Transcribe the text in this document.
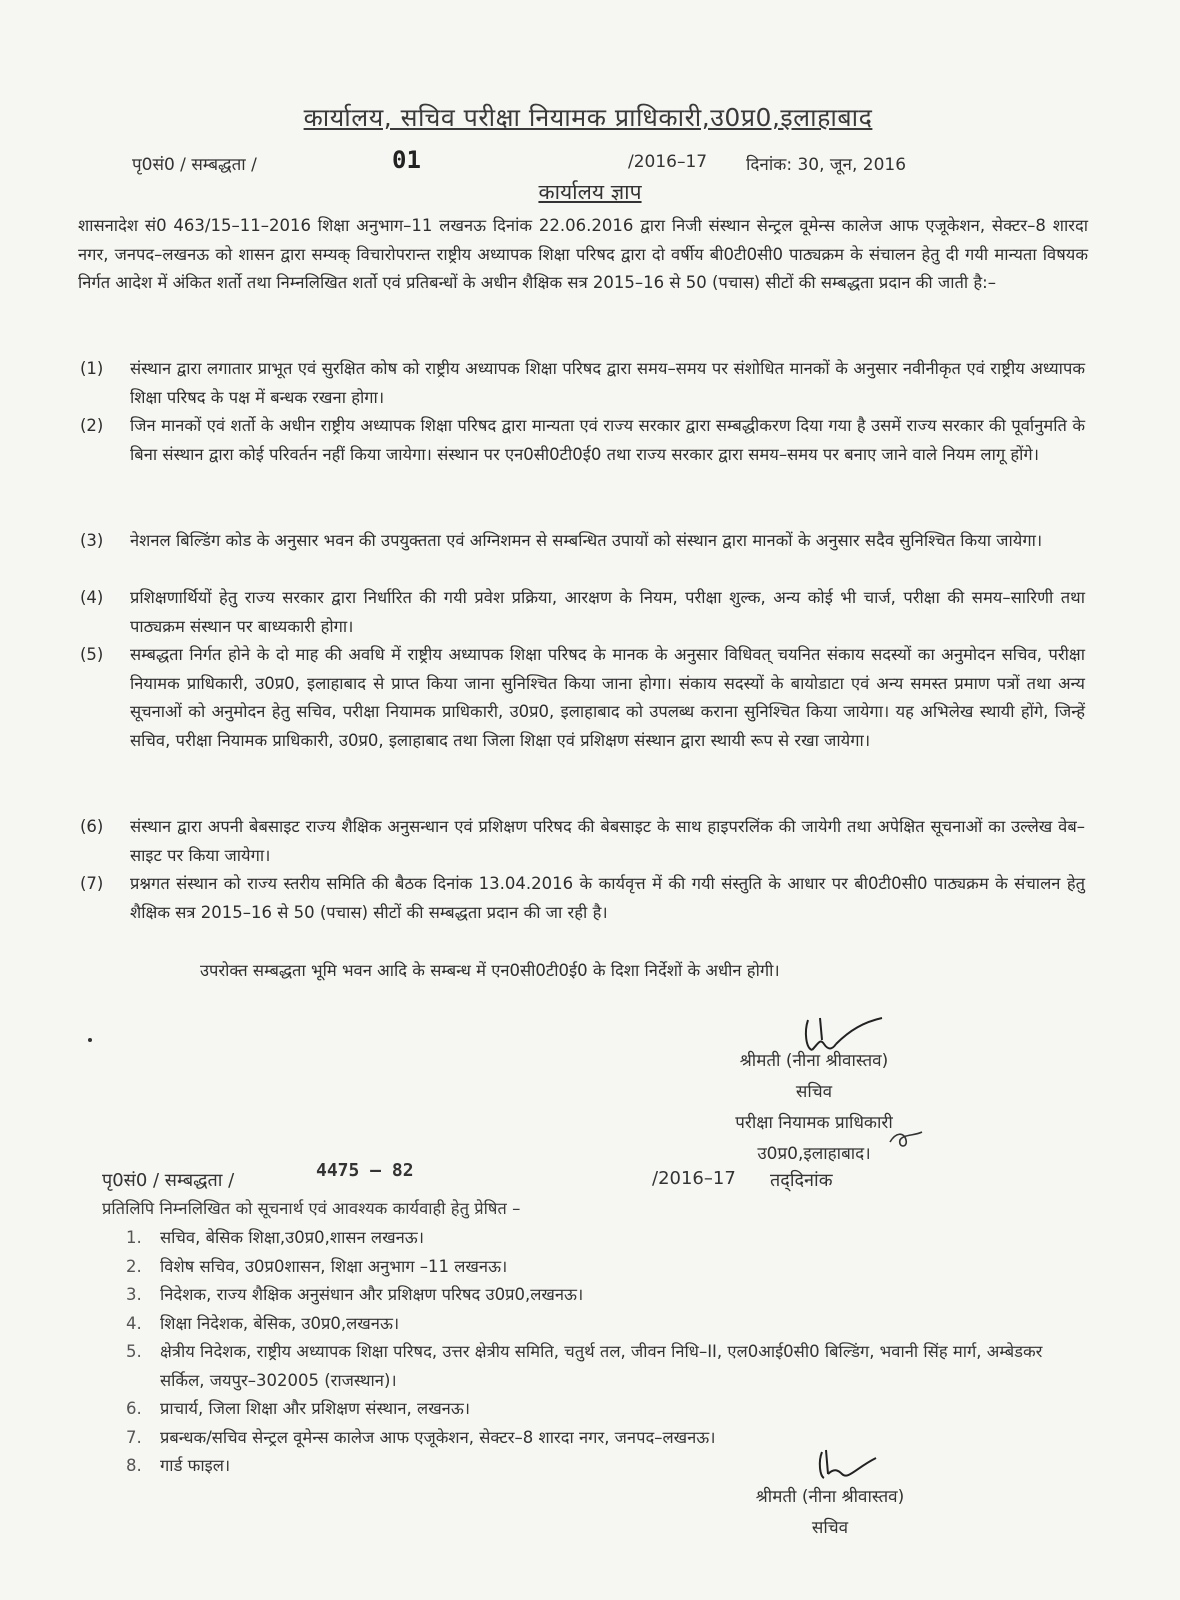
कार्यालय, सचिव परीक्षा नियामक प्राधिकारी,उ0प्र0,इलाहाबाद
पृ0सं0 / सम्बद्धता /	01	/2016–17 दिनांक: 30, जून, 2016
कार्यालय ज्ञाप
शासनादेश सं0 463/15–11–2016 शिक्षा अनुभाग–11 लखनऊ दिनांक 22.06.2016 द्वारा निजी संस्थान सेन्ट्रल वूमेन्स कालेज आफ एजूकेशन, सेक्टर–8 शारदा नगर, जनपद–लखनऊ को शासन द्वारा सम्यक् विचारोपरान्त राष्ट्रीय अध्यापक शिक्षा परिषद द्वारा दो वर्षीय बी0टी0सी0 पाठ्यक्रम के संचालन हेतु दी गयी मान्यता विषयक निर्गत आदेश में अंकित शर्तो तथा निम्नलिखित शर्तो एवं प्रतिबन्धों के अधीन शैक्षिक सत्र 2015–16 से 50 (पचास) सीटों की सम्बद्धता प्रदान की जाती है:–
(1)	संस्थान द्वारा लगातार प्राभूत एवं सुरक्षित कोष को राष्ट्रीय अध्यापक शिक्षा परिषद द्वारा समय–समय पर संशोधित मानकों के अनुसार नवीनीकृत एवं राष्ट्रीय अध्यापक शिक्षा परिषद के पक्ष में बन्धक रखना होगा।
(2)	जिन मानकों एवं शर्तो के अधीन राष्ट्रीय अध्यापक शिक्षा परिषद द्वारा मान्यता एवं राज्य सरकार द्वारा सम्बद्धीकरण दिया गया है उसमें राज्य सरकार की पूर्वानुमति के बिना संस्थान द्वारा कोई परिवर्तन नहीं किया जायेगा। संस्थान पर एन0सी0टी0ई0 तथा राज्य सरकार द्वारा समय–समय पर बनाए जाने वाले नियम लागू होंगे।
(3)	नेशनल बिल्डिंग कोड के अनुसार भवन की उपयुक्तता एवं अग्निशमन से सम्बन्धित उपायों को संस्थान द्वारा मानकों के अनुसार सदैव सुनिश्चित किया जायेगा।
(4)	प्रशिक्षणार्थियों हेतु राज्य सरकार द्वारा निर्धारित की गयी प्रवेश प्रक्रिया, आरक्षण के नियम, परीक्षा शुल्क, अन्य कोई भी चार्ज, परीक्षा की समय–सारिणी तथा पाठ्यक्रम संस्थान पर बाध्यकारी होगा।
(5)	सम्बद्धता निर्गत होने के दो माह की अवधि में राष्ट्रीय अध्यापक शिक्षा परिषद के मानक के अनुसार विधिवत् चयनित संकाय सदस्यों का अनुमोदन सचिव, परीक्षा नियामक प्राधिकारी, उ0प्र0, इलाहाबाद से प्राप्त किया जाना सुनिश्चित किया जाना होगा। संकाय सदस्यों के बायोडाटा एवं अन्य समस्त प्रमाण पत्रों तथा अन्य सूचनाओं को अनुमोदन हेतु सचिव, परीक्षा नियामक प्राधिकारी, उ0प्र0, इलाहाबाद को उपलब्ध कराना सुनिश्चित किया जायेगा। यह अभिलेख स्थायी होंगे, जिन्हें सचिव, परीक्षा नियामक प्राधिकारी, उ0प्र0, इलाहाबाद तथा जिला शिक्षा एवं प्रशिक्षण संस्थान द्वारा स्थायी रूप से रखा जायेगा।
(6)	संस्थान द्वारा अपनी बेबसाइट राज्य शैक्षिक अनुसन्धान एवं प्रशिक्षण परिषद की बेबसाइट के साथ हाइपरलिंक की जायेगी तथा अपेक्षित सूचनाओं का उल्लेख वेब–साइट पर किया जायेगा।
(7)	प्रश्नगत संस्थान को राज्य स्तरीय समिति की बैठक दिनांक 13.04.2016 के कार्यवृत्त में की गयी संस्तुति के आधार पर बी0टी0सी0 पाठ्यक्रम के संचालन हेतु शैक्षिक सत्र 2015–16 से 50 (पचास) सीटों की सम्बद्धता प्रदान की जा रही है।
उपरोक्त सम्बद्धता भूमि भवन आदि के सम्बन्ध में एन0सी0टी0ई0 के दिशा निर्देशों के अधीन होगी।
श्रीमती (नीना श्रीवास्तव)
सचिव
परीक्षा नियामक प्राधिकारी
उ0प्र0,इलाहाबाद।
पृ0सं0 / सम्बद्धता /	4475 — 82	/2016–17 तद्‌दिनांक
प्रतिलिपि निम्नलिखित को सूचनार्थ एवं आवश्यक कार्यवाही हेतु प्रेषित –
1.	सचिव, बेसिक शिक्षा,उ0प्र0,शासन लखनऊ।
2.	विशेष सचिव, उ0प्र0शासन, शिक्षा अनुभाग –11 लखनऊ।
3.	निदेशक, राज्य शैक्षिक अनुसंधान और प्रशिक्षण परिषद उ0प्र0,लखनऊ।
4.	शिक्षा निदेशक, बेसिक, उ0प्र0,लखनऊ।
5.	क्षेत्रीय निदेशक, राष्ट्रीय अध्यापक शिक्षा परिषद, उत्तर क्षेत्रीय समिति, चतुर्थ तल, जीवन निधि–II, एल0आई0सी0 बिल्डिंग, भवानी सिंह मार्ग, अम्बेडकर सर्किल, जयपुर–302005 (राजस्थान)।
6.	प्राचार्य, जिला शिक्षा और प्रशिक्षण संस्थान, लखनऊ।
7.	प्रबन्धक/सचिव सेन्ट्रल वूमेन्स कालेज आफ एजूकेशन, सेक्टर–8 शारदा नगर, जनपद–लखनऊ।
8.	गार्ड फाइल।
श्रीमती (नीना श्रीवास्तव)
सचिव
